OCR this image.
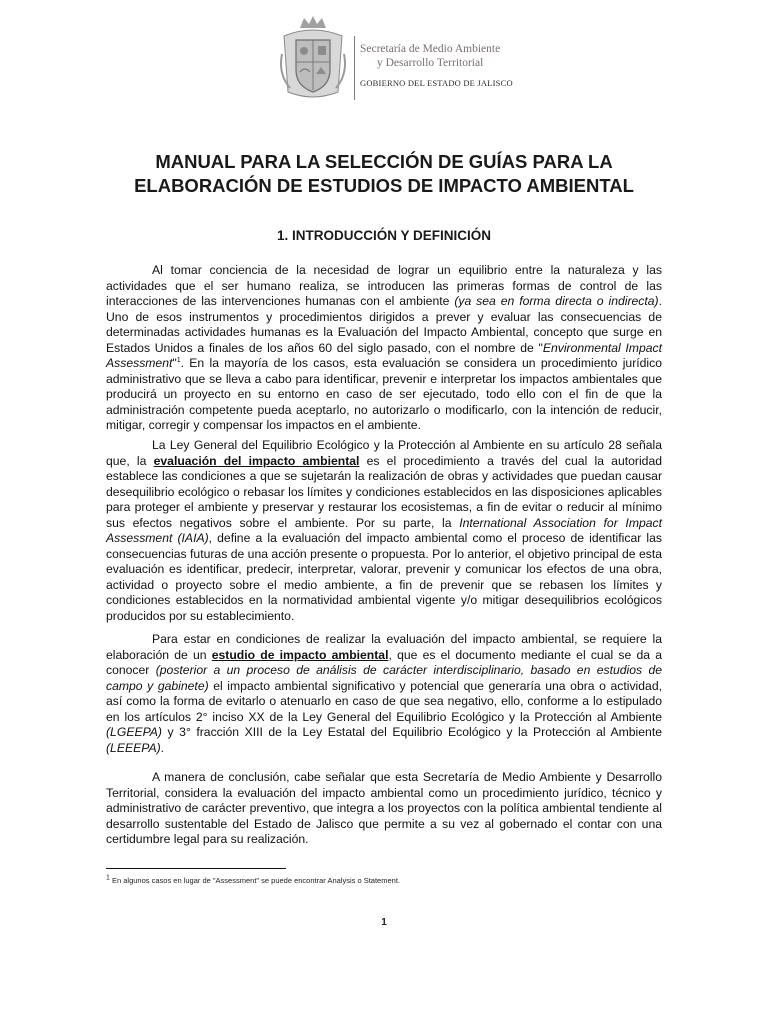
Secretaría de Medio Ambiente
y Desarrollo Territorial
GOBIERNO DEL ESTADO DE JALISCO
MANUAL PARA LA SELECCIÓN DE GUÍAS PARA LA
ELABORACIÓN DE ESTUDIOS DE IMPACTO AMBIENTAL
1. INTRODUCCIÓN Y DEFINICIÓN
Al tomar conciencia de la necesidad de lograr un equilibrio entre la naturaleza y las actividades que el ser humano realiza, se introducen las primeras formas de control de las interacciones de las intervenciones humanas con el ambiente (ya sea en forma directa o indirecta). Uno de esos instrumentos y procedimientos dirigidos a prever y evaluar las consecuencias de determinadas actividades humanas es la Evaluación del Impacto Ambiental, concepto que surge en Estados Unidos a finales de los años 60 del siglo pasado, con el nombre de "Environmental Impact Assessment"$^1$. En la mayoría de los casos, esta evaluación se considera un procedimiento jurídico administrativo que se lleva a cabo para identificar, prevenir e interpretar los impactos ambientales que producirá un proyecto en su entorno en caso de ser ejecutado, todo ello con el fin de que la administración competente pueda aceptarlo, no autorizarlo o modificarlo, con la intención de reducir, mitigar, corregir y compensar los impactos en el ambiente.
La Ley General del Equilibrio Ecológico y la Protección al Ambiente en su artículo 28 señala que, la evaluación del impacto ambiental es el procedimiento a través del cual la autoridad establece las condiciones a que se sujetarán la realización de obras y actividades que puedan causar desequilibrio ecológico o rebasar los límites y condiciones establecidos en las disposiciones aplicables para proteger el ambiente y preservar y restaurar los ecosistemas, a fin de evitar o reducir al mínimo sus efectos negativos sobre el ambiente. Por su parte, la International Association for Impact Assessment (IAIA), define a la evaluación del impacto ambiental como el proceso de identificar las consecuencias futuras de una acción presente o propuesta. Por lo anterior, el objetivo principal de esta evaluación es identificar, predecir, interpretar, valorar, prevenir y comunicar los efectos de una obra, actividad o proyecto sobre el medio ambiente, a fin de prevenir que se rebasen los límites y condiciones establecidos en la normatividad ambiental vigente y/o mitigar desequilibrios ecológicos producidos por su establecimiento.
Para estar en condiciones de realizar la evaluación del impacto ambiental, se requiere la elaboración de un estudio de impacto ambiental, que es el documento mediante el cual se da a conocer (posterior a un proceso de análisis de carácter interdisciplinario, basado en estudios de campo y gabinete) el impacto ambiental significativo y potencial que generaría una obra o actividad, así como la forma de evitarlo o atenuarlo en caso de que sea negativo, ello, conforme a lo estipulado en los artículos 2° inciso XX de la Ley General del Equilibrio Ecológico y la Protección al Ambiente (LGEEPA) y 3° fracción XIII de la Ley Estatal del Equilibrio Ecológico y la Protección al Ambiente (LEEEPA).
A manera de conclusión, cabe señalar que esta Secretaría de Medio Ambiente y Desarrollo Territorial, considera la evaluación del impacto ambiental como un procedimiento jurídico, técnico y administrativo de carácter preventivo, que integra a los proyectos con la política ambiental tendiente al desarrollo sustentable del Estado de Jalisco que permite a su vez al gobernado el contar con una certidumbre legal para su realización.
1 En algunos casos en lugar de "Assessment" se puede encontrar Analysis o Statement.
1
